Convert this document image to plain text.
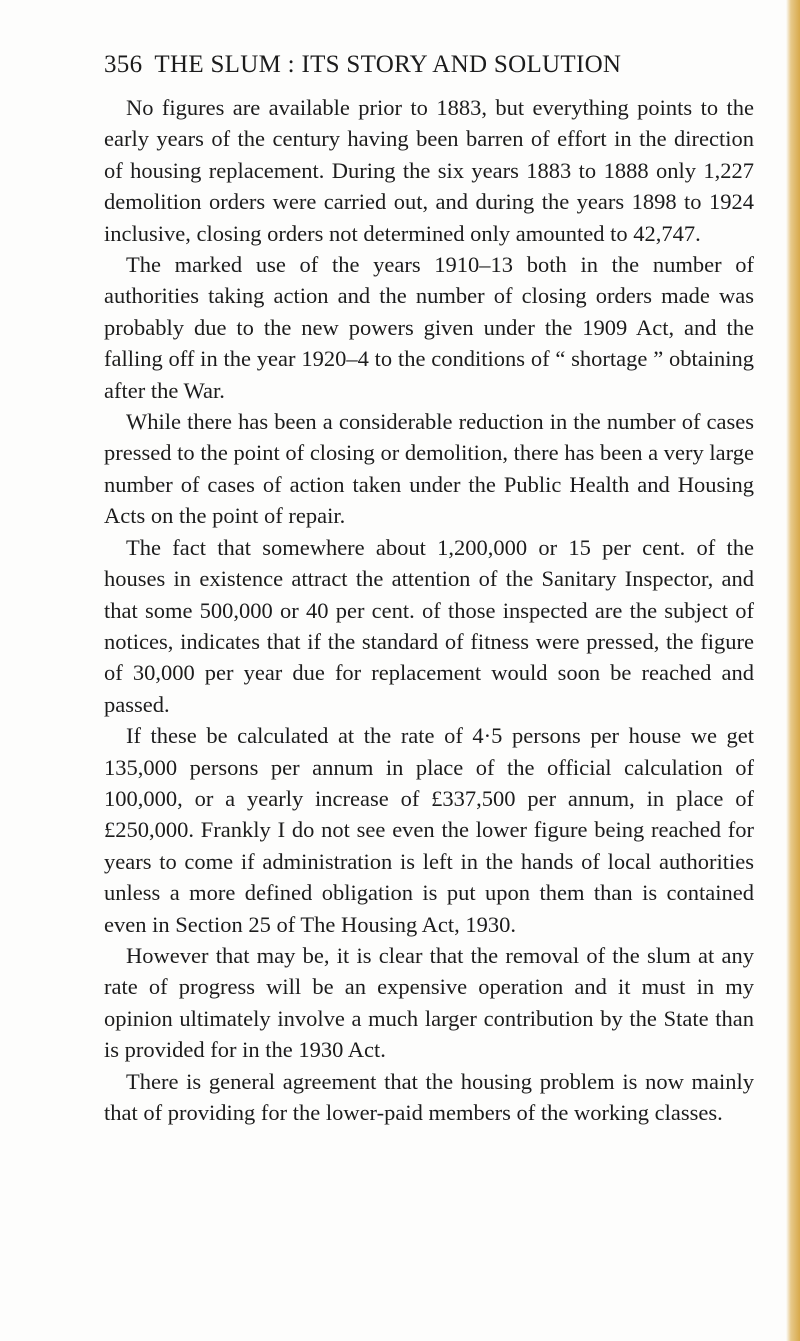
356 THE SLUM : ITS STORY AND SOLUTION

No figures are available prior to 1883, but everything points to the early years of the century having been barren of effort in the direction of housing replacement. During the six years 1883 to 1888 only 1,227 demolition orders were carried out, and during the years 1898 to 1924 inclusive, closing orders not determined only amounted to 42,747.

The marked use of the years 1910–13 both in the number of authorities taking action and the number of closing orders made was probably due to the new powers given under the 1909 Act, and the falling off in the year 1920–4 to the conditions of “ shortage ” obtaining after the War.

While there has been a considerable reduction in the number of cases pressed to the point of closing or demolition, there has been a very large number of cases of action taken under the Public Health and Housing Acts on the point of repair.

The fact that somewhere about 1,200,000 or 15 per cent. of the houses in existence attract the attention of the Sanitary Inspector, and that some 500,000 or 40 per cent. of those inspected are the subject of notices, indicates that if the standard of fitness were pressed, the figure of 30,000 per year due for replacement would soon be reached and passed.

If these be calculated at the rate of 4·5 persons per house we get 135,000 persons per annum in place of the official calculation of 100,000, or a yearly increase of £337,500 per annum, in place of £250,000. Frankly I do not see even the lower figure being reached for years to come if administration is left in the hands of local authorities unless a more defined obligation is put upon them than is contained even in Section 25 of The Housing Act, 1930.

However that may be, it is clear that the removal of the slum at any rate of progress will be an expensive operation and it must in my opinion ultimately involve a much larger contribution by the State than is provided for in the 1930 Act.

There is general agreement that the housing problem is now mainly that of providing for the lower-paid members of the working classes.
